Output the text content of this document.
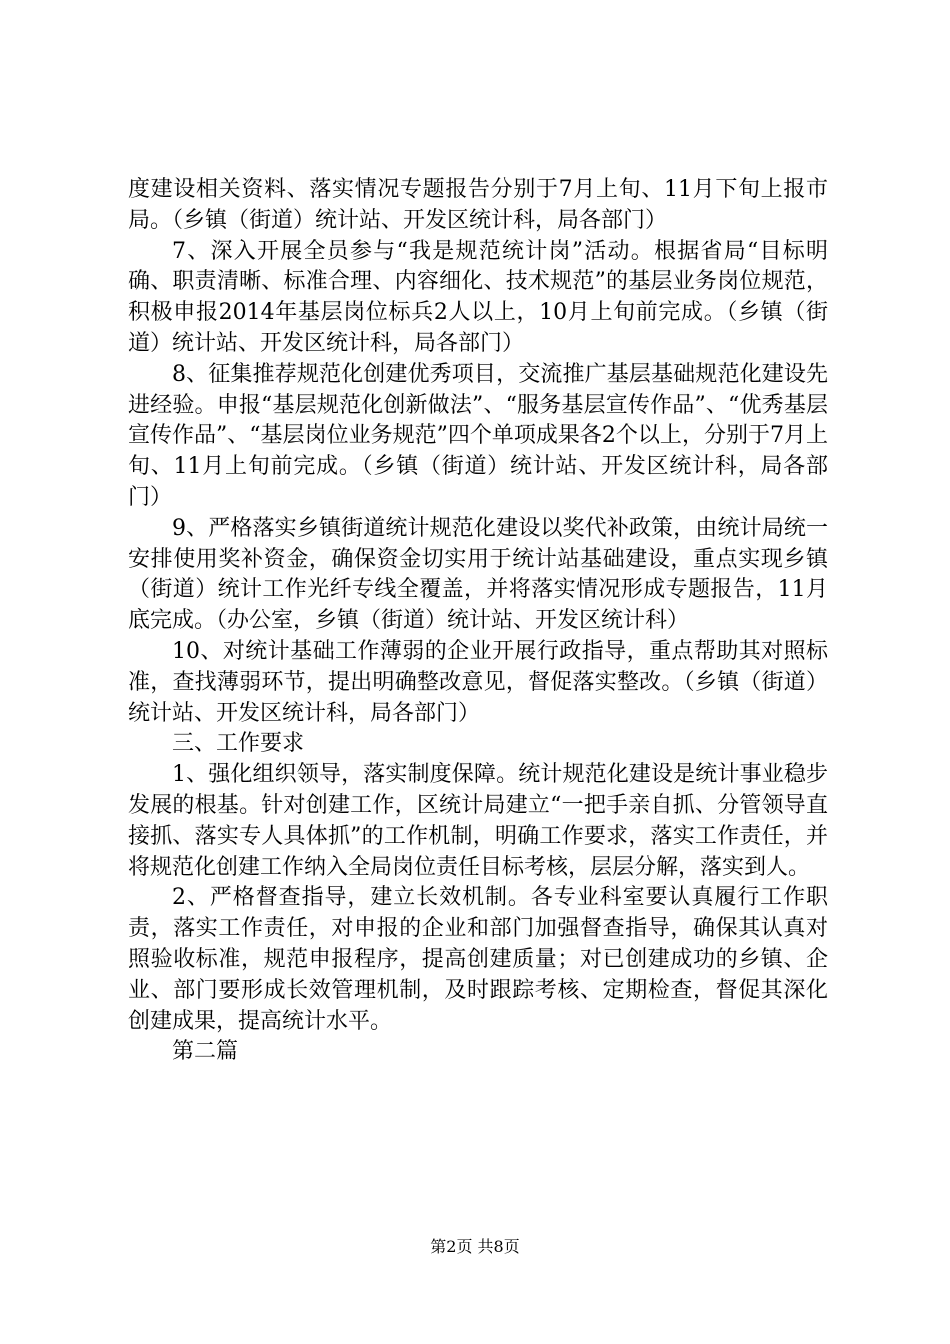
度建设相关资料、落实情况专题报告分别于7月上旬、11月下旬上报市局。（乡镇（街道）统计站、开发区统计科，局各部门）

7、深入开展全员参与“我是规范统计岗”活动。根据省局“目标明确、职责清晰、标准合理、内容细化、技术规范”的基层业务岗位规范，积极申报2014年基层岗位标兵2人以上，10月上旬前完成。（乡镇（街道）统计站、开发区统计科，局各部门）

8、征集推荐规范化创建优秀项目，交流推广基层基础规范化建设先进经验。申报“基层规范化创新做法”、“服务基层宣传作品”、“优秀基层宣传作品”、“基层岗位业务规范”四个单项成果各2个以上，分别于7月上旬、11月上旬前完成。（乡镇（街道）统计站、开发区统计科，局各部门）

9、严格落实乡镇街道统计规范化建设以奖代补政策，由统计局统一安排使用奖补资金，确保资金切实用于统计站基础建设，重点实现乡镇（街道）统计工作光纤专线全覆盖，并将落实情况形成专题报告，11月底完成。（办公室，乡镇（街道）统计站、开发区统计科）

10、对统计基础工作薄弱的企业开展行政指导，重点帮助其对照标准，查找薄弱环节，提出明确整改意见，督促落实整改。（乡镇（街道）统计站、开发区统计科，局各部门）

三、工作要求

1、强化组织领导，落实制度保障。统计规范化建设是统计事业稳步发展的根基。针对创建工作，区统计局建立“一把手亲自抓、分管领导直接抓、落实专人具体抓”的工作机制，明确工作要求，落实工作责任，并将规范化创建工作纳入全局岗位责任目标考核，层层分解，落实到人。

2、严格督查指导，建立长效机制。各专业科室要认真履行工作职责，落实工作责任，对申报的企业和部门加强督查指导，确保其认真对照验收标准，规范申报程序，提高创建质量；对已创建成功的乡镇、企业、部门要形成长效管理机制，及时跟踪考核、定期检查，督促其深化创建成果，提高统计水平。

第二篇

第2页 共8页
